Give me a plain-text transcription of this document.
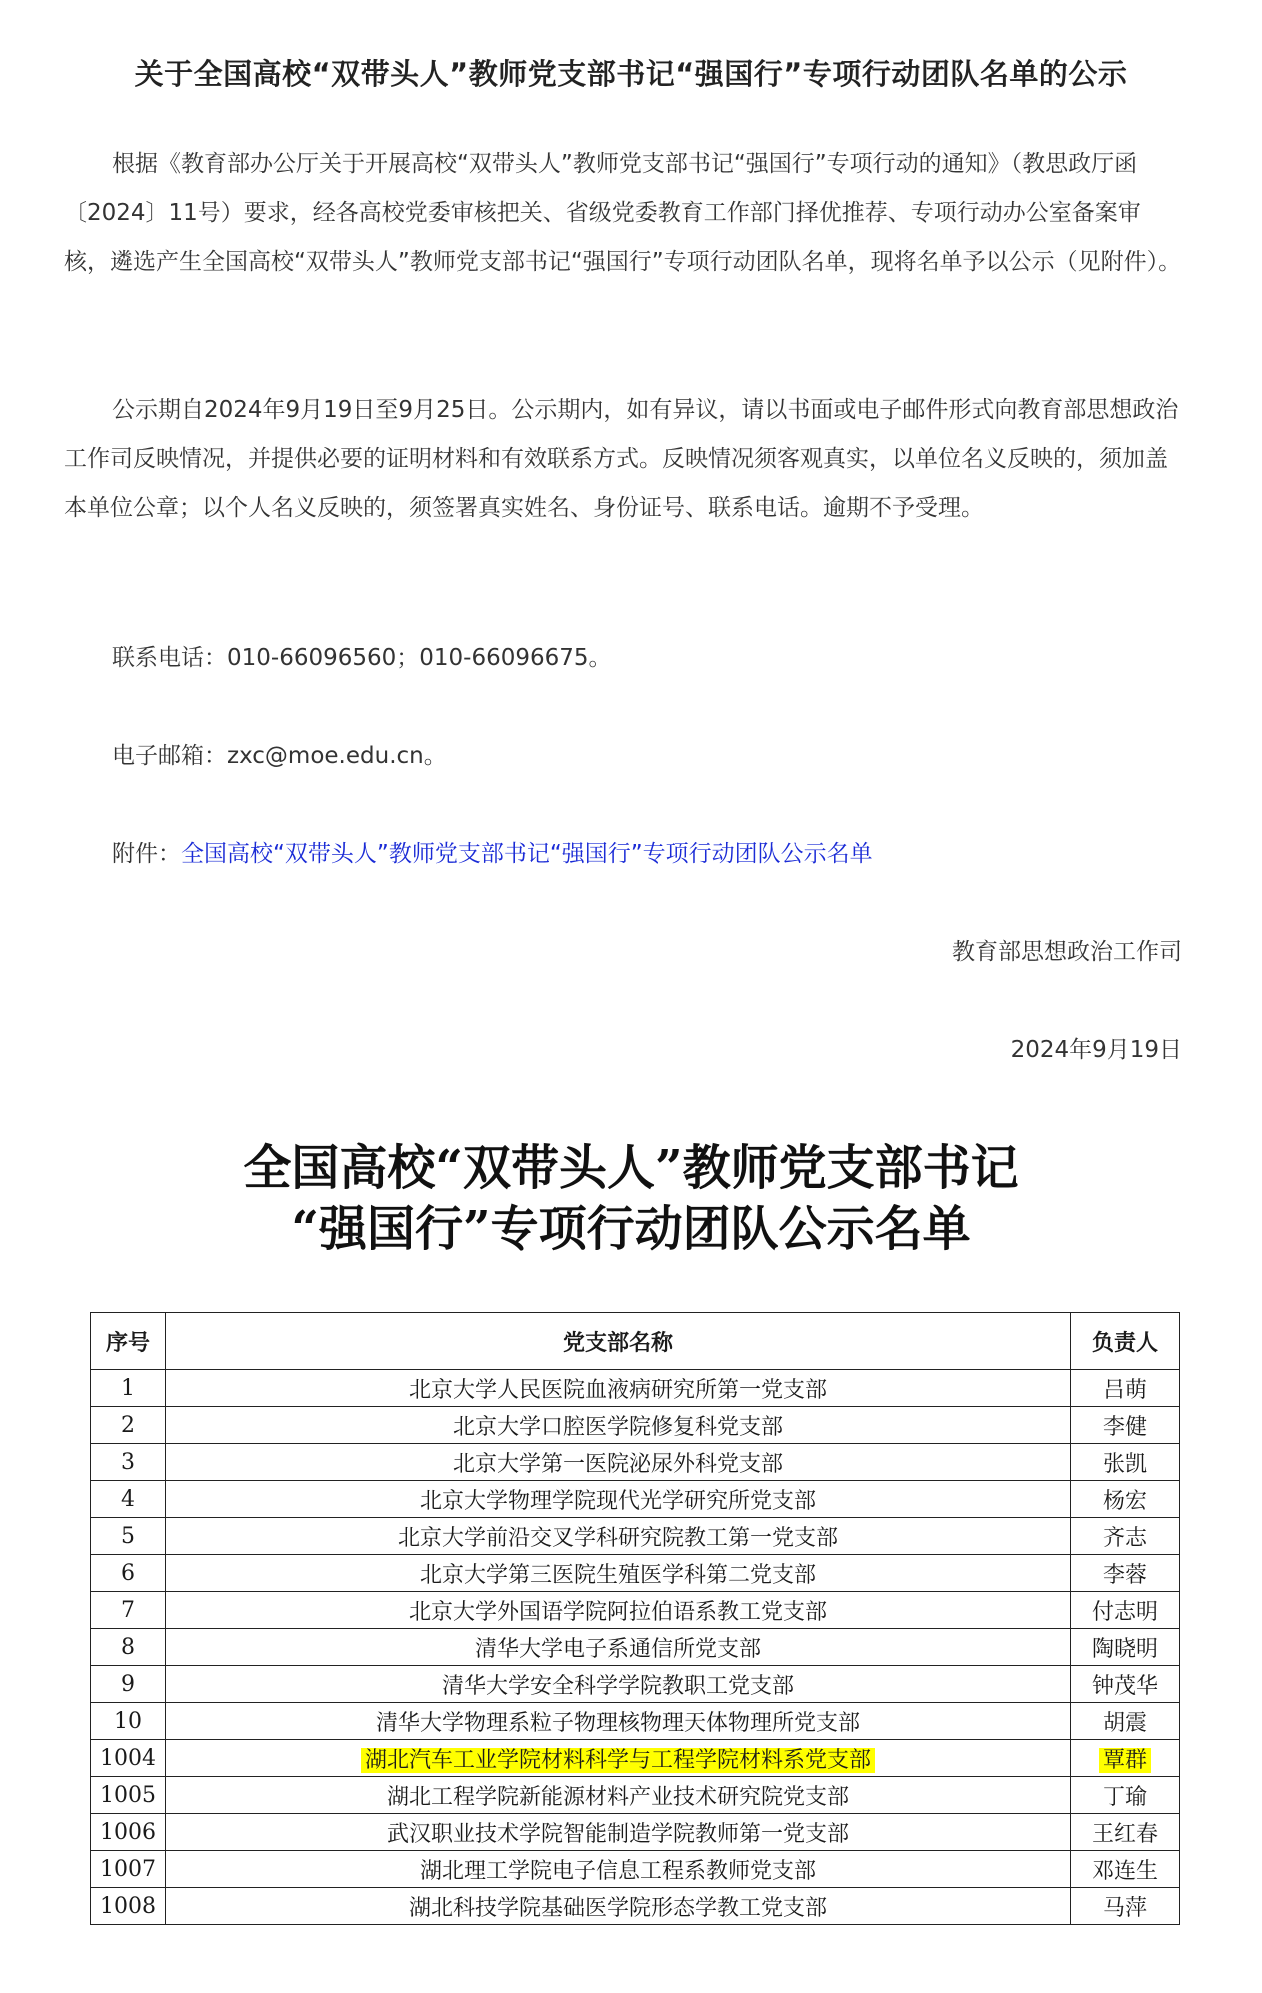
关于全国高校“双带头人”教师党支部书记“强国行”专项行动团队名单的公示

根据《教育部办公厅关于开展高校“双带头人”教师党支部书记“强国行”专项行动的通知》（教思政厅函〔2024〕11号）要求，经各高校党委审核把关、省级党委教育工作部门择优推荐、专项行动办公室备案审核，遴选产生全国高校“双带头人”教师党支部书记“强国行”专项行动团队名单，现将名单予以公示（见附件）。

公示期自2024年9月19日至9月25日。公示期内，如有异议，请以书面或电子邮件形式向教育部思想政治工作司反映情况，并提供必要的证明材料和有效联系方式。反映情况须客观真实，以单位名义反映的，须加盖本单位公章；以个人名义反映的，须签署真实姓名、身份证号、联系电话。逾期不予受理。

联系电话：010-66096560；010-66096675。

电子邮箱：zxc@moe.edu.cn。

附件：全国高校“双带头人”教师党支部书记“强国行”专项行动团队公示名单

教育部思想政治工作司

2024年9月19日

全国高校“双带头人”教师党支部书记
“强国行”专项行动团队公示名单
序号	党支部名称	负责人
1	北京大学人民医院血液病研究所第一党支部	吕萌
2	北京大学口腔医学院修复科党支部	李健
3	北京大学第一医院泌尿外科党支部	张凯
4	北京大学物理学院现代光学研究所党支部	杨宏
5	北京大学前沿交叉学科研究院教工第一党支部	齐志
6	北京大学第三医院生殖医学科第二党支部	李蓉
7	北京大学外国语学院阿拉伯语系教工党支部	付志明
8	清华大学电子系通信所党支部	陶晓明
9	清华大学安全科学学院教职工党支部	钟茂华
10	清华大学物理系粒子物理核物理天体物理所党支部	胡震
1004	湖北汽车工业学院材料科学与工程学院材料系党支部	覃群
1005	湖北工程学院新能源材料产业技术研究院党支部	丁瑜
1006	武汉职业技术学院智能制造学院教师第一党支部	王红春
1007	湖北理工学院电子信息工程系教师党支部	邓连生
1008	湖北科技学院基础医学院形态学教工党支部	马萍
